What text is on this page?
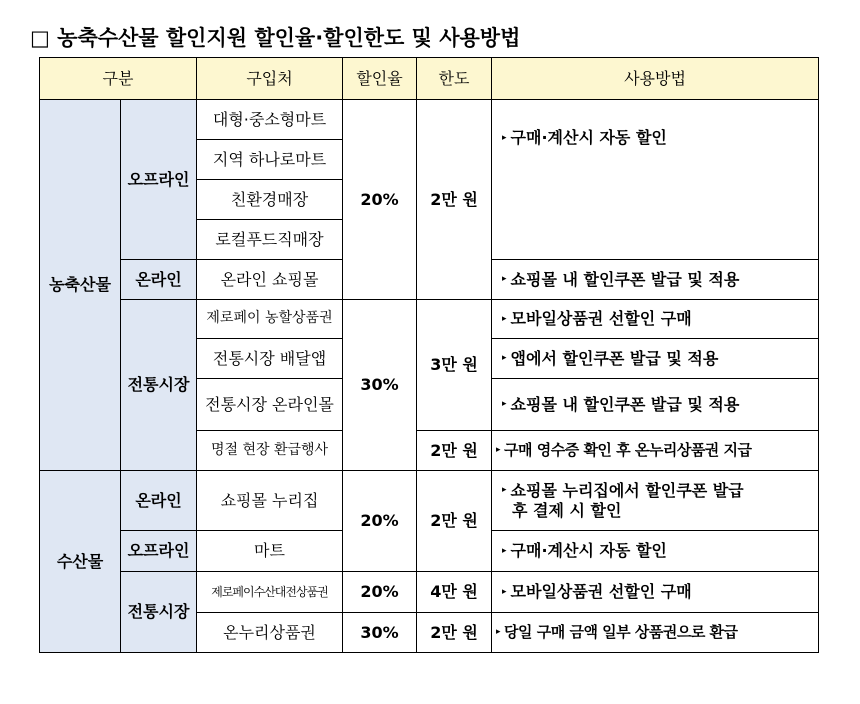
□ 농축수산물 할인지원 할인율·할인한도 및 사용방법
구분		구입처	할인율	한도	사용방법
농축산물	오프라인	대형·중소형마트	20%	2만 원	▸ 구매·계산시 자동 할인
		지역 하나로마트			
		친환경매장			
		로컬푸드직매장			
	온라인	온라인 쇼핑몰			▸ 쇼핑몰 내 할인쿠폰 발급 및 적용
	전통시장	제로페이 농할상품권	30%	3만 원	▸ 모바일상품권 선할인 구매
		전통시장 배달앱			▸ 앱에서 할인쿠폰 발급 및 적용
		전통시장 온라인몰			▸ 쇼핑몰 내 할인쿠폰 발급 및 적용
		명절 현장 환급행사		2만 원	▸ 구매 영수증 확인 후 온누리상품권 지급
수산물	온라인	쇼핑몰 누리집	20%	2만 원	▸ 쇼핑몰 누리집에서 할인쿠폰 발급
후 결제 시 할인
	오프라인	마트			▸ 구매·계산시 자동 할인
	전통시장	제로페이수산대전상품권	20%	4만 원	▸ 모바일상품권 선할인 구매
		온누리상품권	30%	2만 원	▸ 당일 구매 금액 일부 상품권으로 환급
